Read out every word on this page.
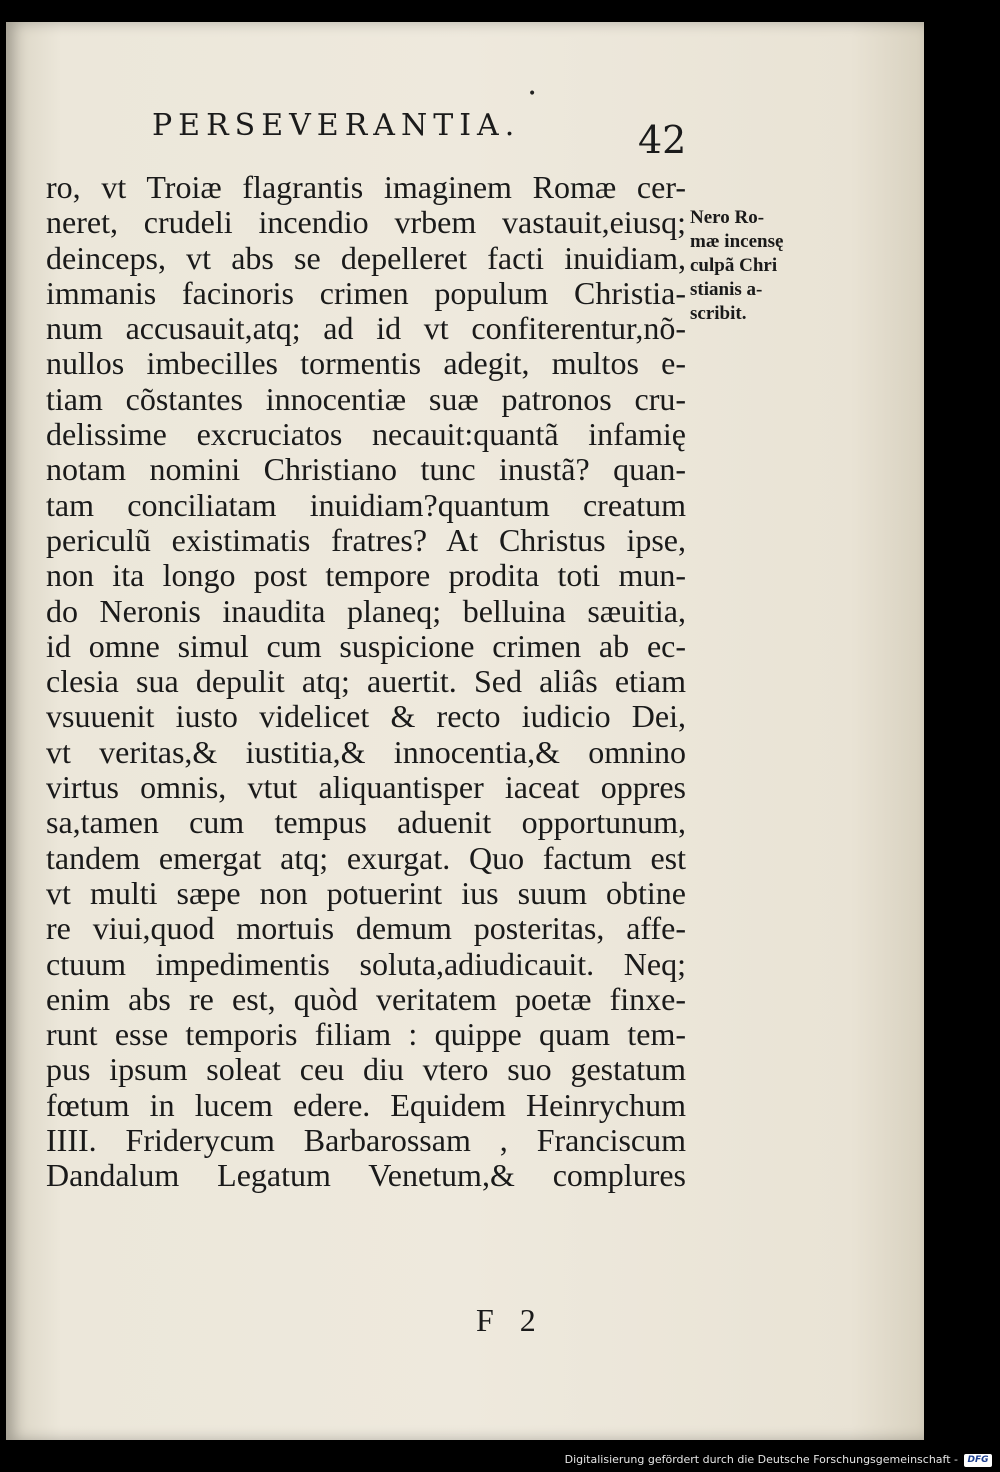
•
PERSEVERANTIA.	42
ro, vt Troiæ flagrantis imaginem Romæ cer-
neret, crudeli incendio vrbem vastauit,eiusq;
deinceps, vt abs se depelleret facti inuidiam,
immanis facinoris crimen populum Christia-
num accusauit,atq; ad id vt confiterentur,nõ-
nullos imbecilles tormentis adegit, multos e-
tiam cõstantes innocentiæ suæ patronos cru-
delissime excruciatos necauit:quantã infamię
notam nomini Christiano tunc inustã? quan-
tam conciliatam inuidiam?quantum creatum
periculũ existimatis fratres? At Christus ipse,
non ita longo post tempore prodita toti mun-
do Neronis inaudita planeq; belluina sæuitia,
id omne simul cum suspicione crimen ab ec-
clesia sua depulit atq; auertit. Sed aliâs etiam
vsuuenit iusto videlicet & recto iudicio Dei,
vt veritas,& iustitia,& innocentia,& omnino
virtus omnis, vtut aliquantisper iaceat oppres
sa,tamen cum tempus aduenit opportunum,
tandem emergat atq; exurgat. Quo factum est
vt multi sæpe non potuerint ius suum obtine
re viui,quod mortuis demum posteritas, affe-
ctuum impedimentis soluta,adiudicauit. Neq;
enim abs re est, quòd veritatem poetæ finxe-
runt esse temporis filiam : quippe quam tem-
pus ipsum soleat ceu diu vtero suo gestatum
fœtum in lucem edere. Equidem Heinrychum
IIII. Friderycum Barbarossam , Franciscum
Dandalum Legatum Venetum,& complures
Nero Ro-
mæ incensę
culpã Chri
stianis a-
scribit.
F 2
Digitalisierung gefördert durch die Deutsche Forschungsgemeinschaft -	DFG
